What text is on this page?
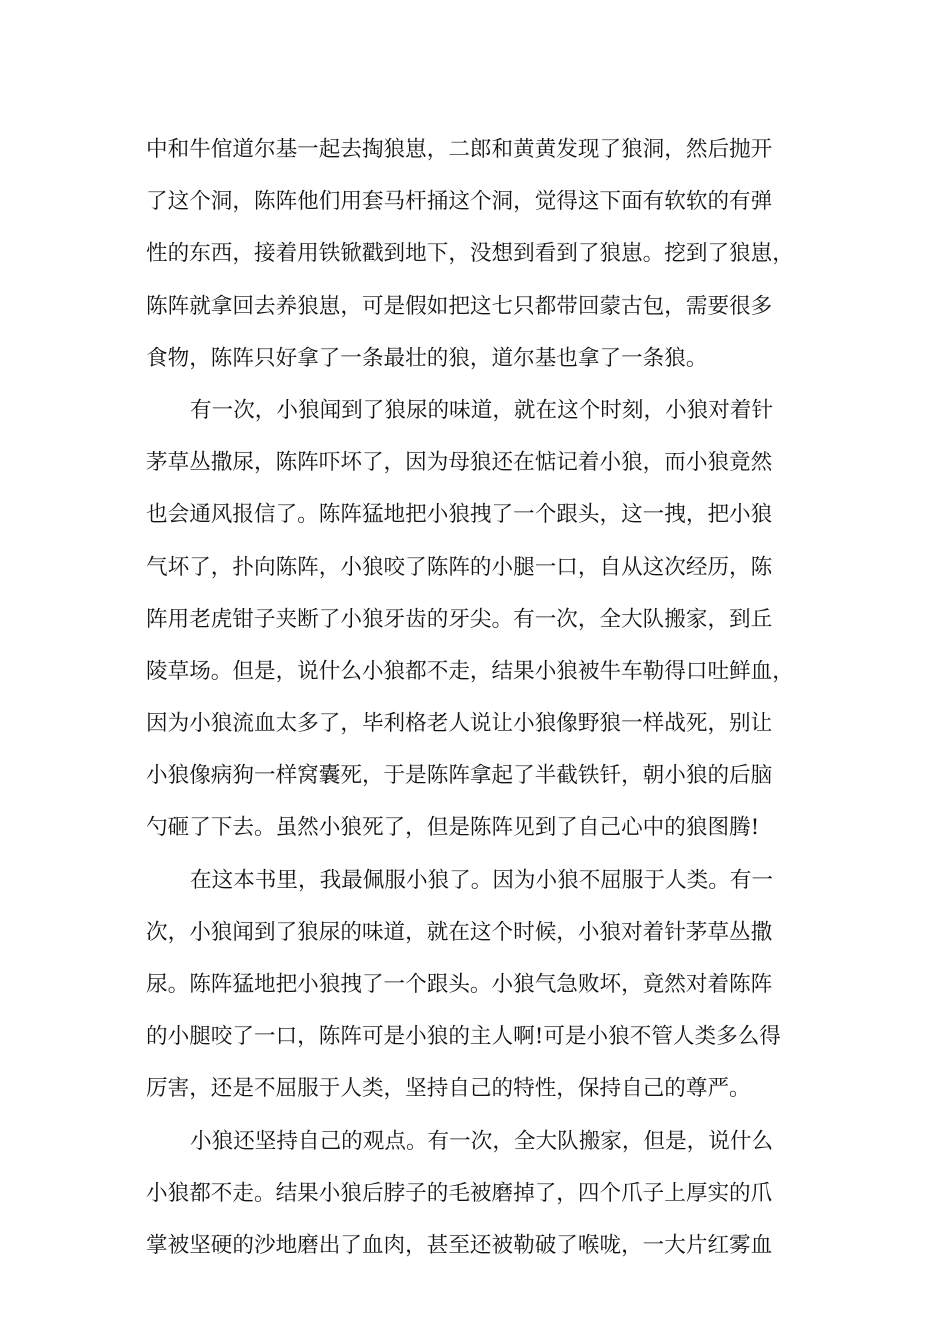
中和牛倌道尔基一起去掏狼崽，二郎和黄黄发现了狼洞，然后抛开
了这个洞，陈阵他们用套马杆捅这个洞，觉得这下面有软软的有弹
性的东西，接着用铁锨戳到地下，没想到看到了狼崽。挖到了狼崽，
陈阵就拿回去养狼崽，可是假如把这七只都带回蒙古包，需要很多
食物，陈阵只好拿了一条最壮的狼，道尔基也拿了一条狼。
有一次，小狼闻到了狼尿的味道，就在这个时刻，小狼对着针
茅草丛撒尿，陈阵吓坏了，因为母狼还在惦记着小狼，而小狼竟然
也会通风报信了。陈阵猛地把小狼拽了一个跟头，这一拽，把小狼
气坏了，扑向陈阵，小狼咬了陈阵的小腿一口，自从这次经历，陈
阵用老虎钳子夹断了小狼牙齿的牙尖。有一次，全大队搬家，到丘
陵草场。但是，说什么小狼都不走，结果小狼被牛车勒得口吐鲜血，
因为小狼流血太多了，毕利格老人说让小狼像野狼一样战死，别让
小狼像病狗一样窝囊死，于是陈阵拿起了半截铁钎，朝小狼的后脑
勺砸了下去。虽然小狼死了，但是陈阵见到了自己心中的狼图腾!
在这本书里，我最佩服小狼了。因为小狼不屈服于人类。有一
次，小狼闻到了狼尿的味道，就在这个时候，小狼对着针茅草丛撒
尿。陈阵猛地把小狼拽了一个跟头。小狼气急败坏，竟然对着陈阵
的小腿咬了一口，陈阵可是小狼的主人啊!可是小狼不管人类多么得
厉害，还是不屈服于人类，坚持自己的特性，保持自己的尊严。
小狼还坚持自己的观点。有一次，全大队搬家，但是，说什么
小狼都不走。结果小狼后脖子的毛被磨掉了，四个爪子上厚实的爪
掌被坚硬的沙地磨出了血肉，甚至还被勒破了喉咙，一大片红雾血
